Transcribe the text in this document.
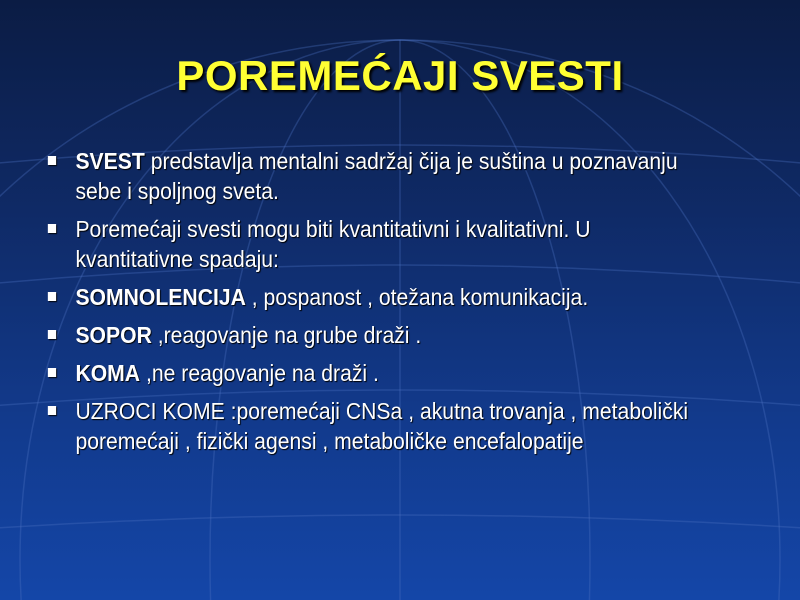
POREMEĆAJI SVESTI
SVEST predstavlja mentalni sadržaj čija je suština u poznavanju sebe i spoljnog sveta.
Poremećaji svesti mogu biti kvantitativni i kvalitativni. U kvantitativne spadaju:
SOMNOLENCIJA , pospanost , otežana komunikacija.
SOPOR ,reagovanje na grube draži .
KOMA ,ne reagovanje na draži .
UZROCI KOME :poremećaji CNSa , akutna trovanja , metabolički poremećaji , fizički agensi , metaboličke encefalopatije
